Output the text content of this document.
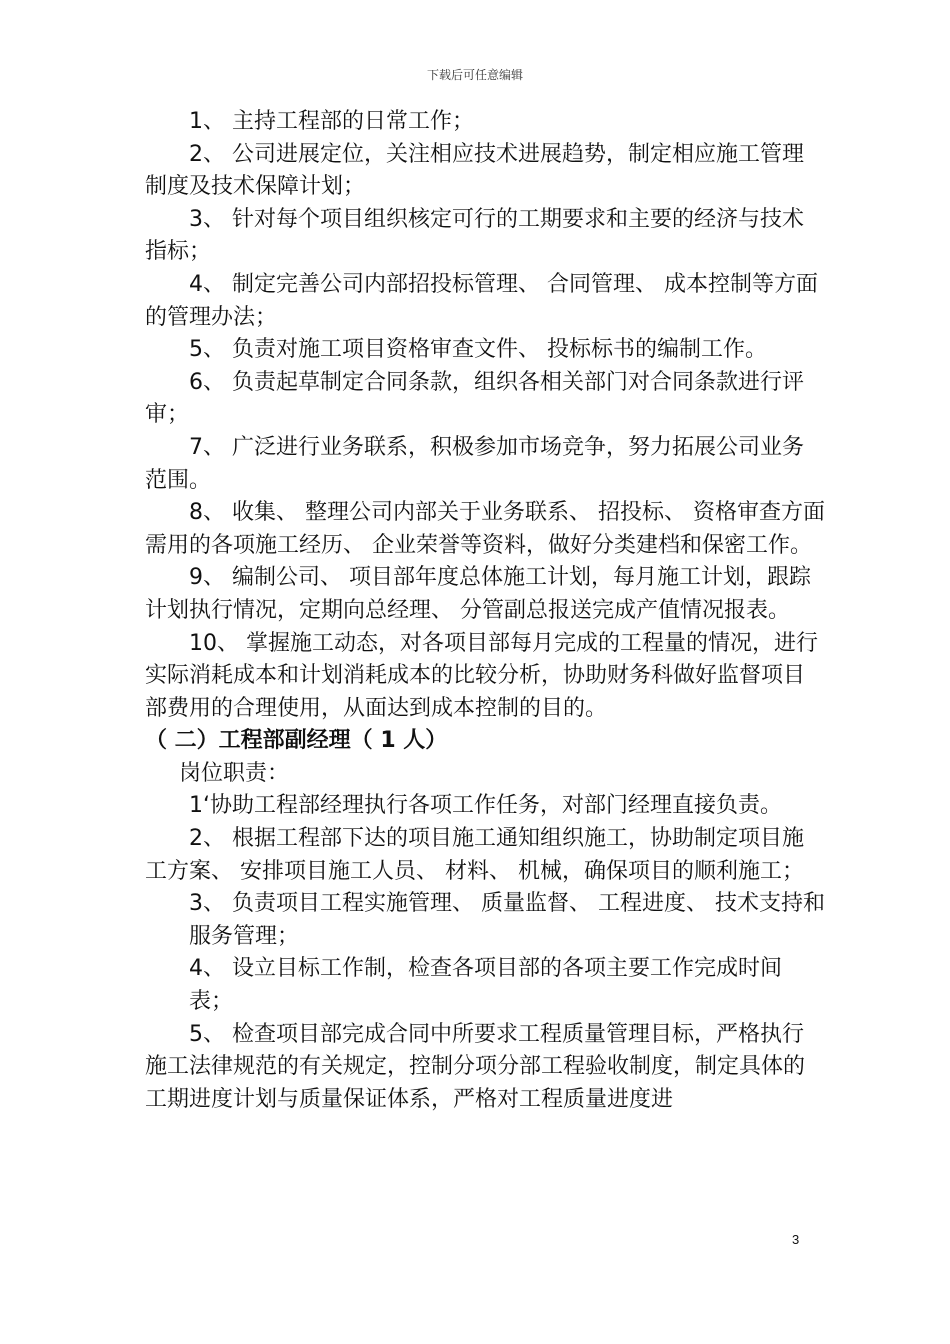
下载后可任意编辑

1、 主持工程部的日常工作；

2、 公司进展定位，关注相应技术进展趋势，制定相应施工管理制度及技术保障计划；

3、 针对每个项目组织核定可行的工期要求和主要的经济与技术指标；

4、 制定完善公司内部招投标管理、 合同管理、 成本控制等方面的管理办法；

5、 负责对施工项目资格审查文件、 投标标书的编制工作。

6、 负责起草制定合同条款，组织各相关部门对合同条款进行评审；

7、 广泛进行业务联系，积极参加市场竞争，努力拓展公司业务范围。

8、 收集、 整理公司内部关于业务联系、 招投标、 资格审查方面需用的各项施工经历、 企业荣誉等资料，做好分类建档和保密工作。

9、 编制公司、 项目部年度总体施工计划，每月施工计划，跟踪计划执行情况，定期向总经理、 分管副总报送完成产值情况报表。

10、 掌握施工动态，对各项目部每月完成的工程量的情况，进行实际消耗成本和计划消耗成本的比较分析，协助财务科做好监督项目部费用的合理使用，从面达到成本控制的目的。

（ 二）工程部副经理（ 1 人）

岗位职责：

1‘协助工程部经理执行各项工作任务，对部门经理直接负责。

2、 根据工程部下达的项目施工通知组织施工，协助制定项目施工方案、 安排项目施工人员、 材料、 机械，确保项目的顺利施工；

3、 负责项目工程实施管理、 质量监督、 工程进度、 技术支持和服务管理；

4、 设立目标工作制，检查各项目部的各项主要工作完成时间表；

5、 检查项目部完成合同中所要求工程质量管理目标，严格执行施工法律规范的有关规定，控制分项分部工程验收制度，制定具体的工期进度计划与质量保证体系，严格对工程质量进度进

3
